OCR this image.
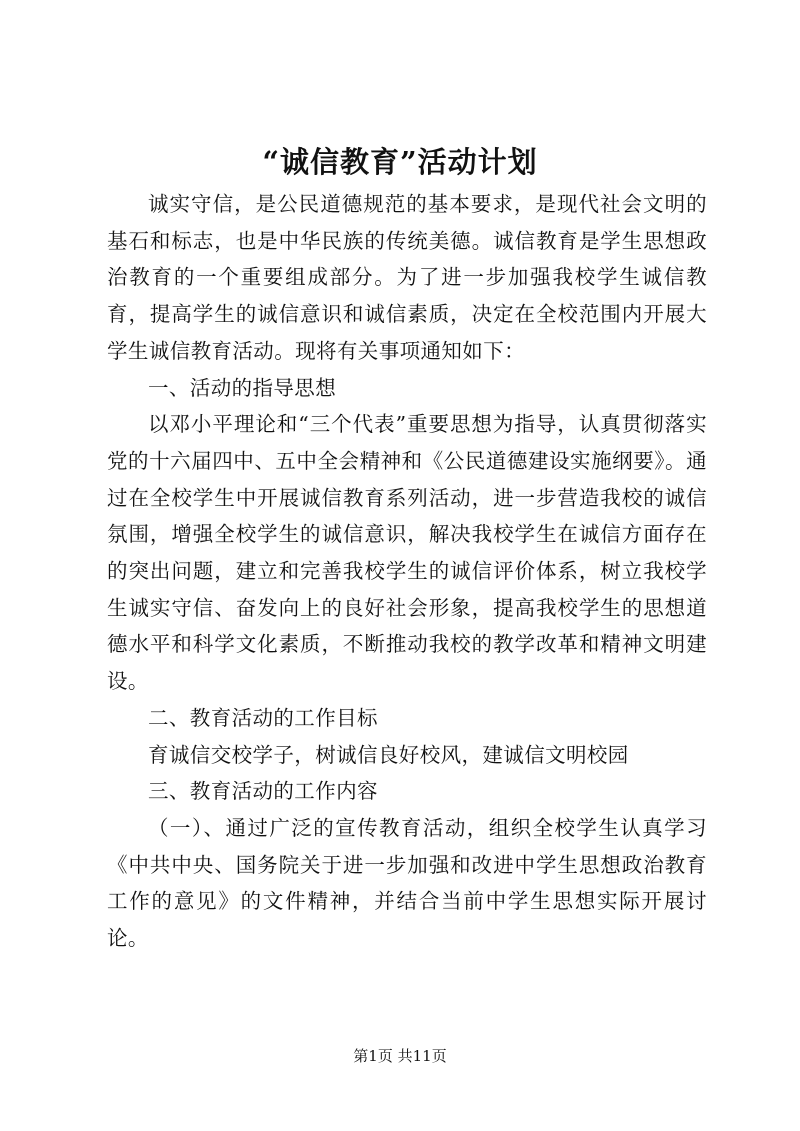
“诚信教育”活动计划

诚实守信，是公民道德规范的基本要求，是现代社会文明的基石和标志，也是中华民族的传统美德。诚信教育是学生思想政治教育的一个重要组成部分。为了进一步加强我校学生诚信教育，提高学生的诚信意识和诚信素质，决定在全校范围内开展大学生诚信教育活动。现将有关事项通知如下：

一、活动的指导思想

以邓小平理论和“三个代表”重要思想为指导，认真贯彻落实党的十六届四中、五中全会精神和《公民道德建设实施纲要》。通过在全校学生中开展诚信教育系列活动，进一步营造我校的诚信氛围，增强全校学生的诚信意识，解决我校学生在诚信方面存在的突出问题，建立和完善我校学生的诚信评价体系，树立我校学生诚实守信、奋发向上的良好社会形象，提高我校学生的思想道德水平和科学文化素质，不断推动我校的教学改革和精神文明建设。

二、教育活动的工作目标

育诚信交校学子，树诚信良好校风，建诚信文明校园

三、教育活动的工作内容

（一）、通过广泛的宣传教育活动，组织全校学生认真学习《中共中央、国务院关于进一步加强和改进中学生思想政治教育工作的意见》的文件精神，并结合当前中学生思想实际开展讨论。

第1页 共11页
